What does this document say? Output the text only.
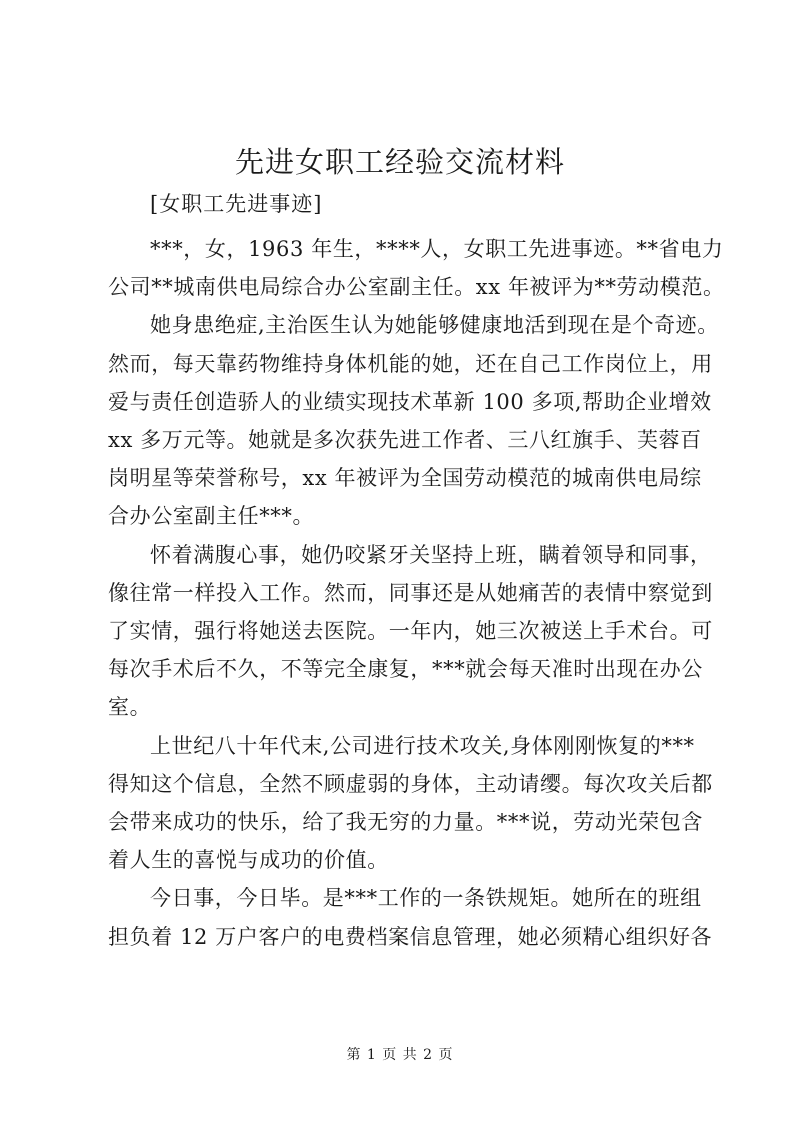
先进女职工经验交流材料

[女职工先进事迹]

***，女，1963 年生，****人，女职工先进事迹。**省电力
公司**城南供电局综合办公室副主任。xx 年被评为**劳动模范。

她身患绝症,主治医生认为她能够健康地活到现在是个奇迹。
然而，每天靠药物维持身体机能的她，还在自己工作岗位上，用
爱与责任创造骄人的业绩实现技术革新 100 多项,帮助企业增效
xx 多万元等。她就是多次获先进工作者、三八红旗手、芙蓉百
岗明星等荣誉称号，xx 年被评为全国劳动模范的城南供电局综
合办公室副主任***。

怀着满腹心事，她仍咬紧牙关坚持上班，瞒着领导和同事，
像往常一样投入工作。然而，同事还是从她痛苦的表情中察觉到
了实情，强行将她送去医院。一年内，她三次被送上手术台。可
每次手术后不久，不等完全康复，***就会每天准时出现在办公
室。

上世纪八十年代末,公司进行技术攻关,身体刚刚恢复的***
得知这个信息，全然不顾虚弱的身体，主动请缨。每次攻关后都
会带来成功的快乐，给了我无穷的力量。***说，劳动光荣包含
着人生的喜悦与成功的价值。

今日事，今日毕。是***工作的一条铁规矩。她所在的班组
担负着 12 万户客户的电费档案信息管理，她必须精心组织好各

第 1 页 共 2 页
